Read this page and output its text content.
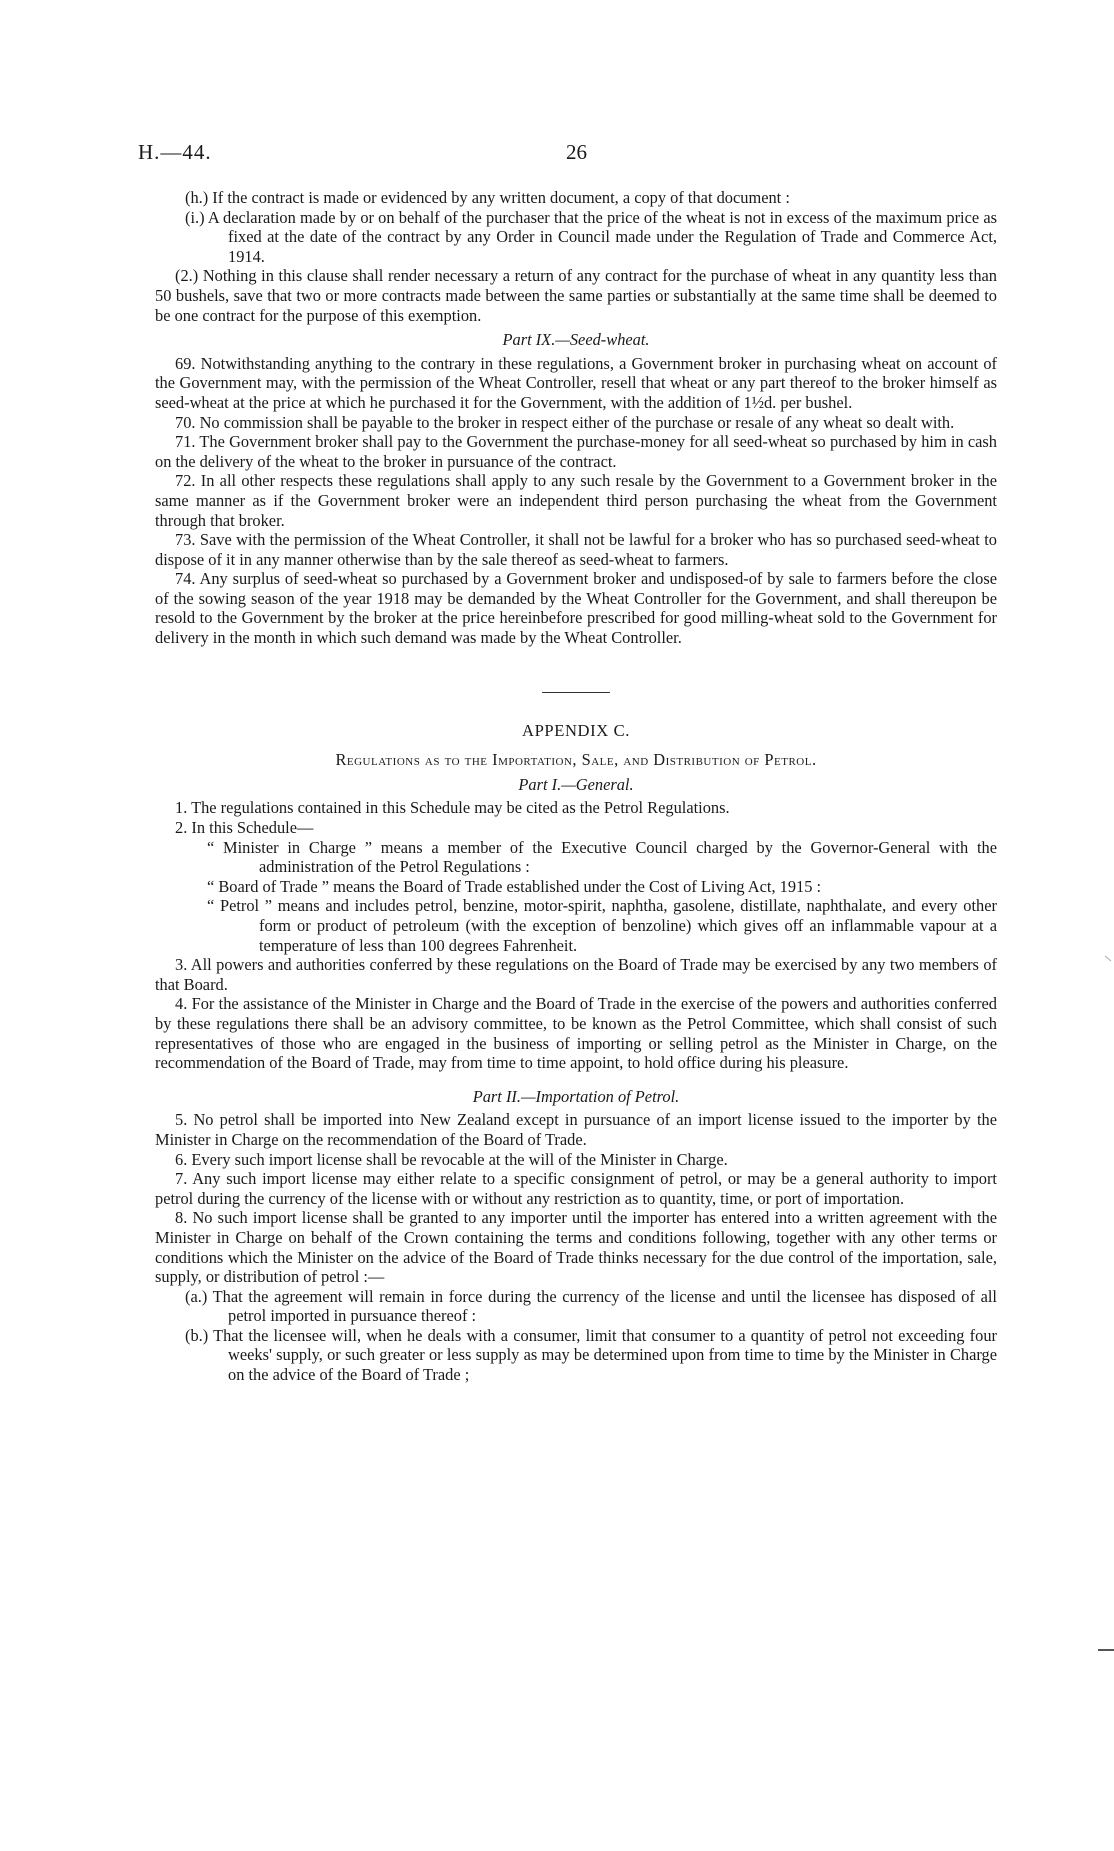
H.—44.	26

(h.) If the contract is made or evidenced by any written document, a copy of that document :

(i.) A declaration made by or on behalf of the purchaser that the price of the wheat is not in excess of the maximum price as fixed at the date of the contract by any Order in Council made under the Regulation of Trade and Commerce Act, 1914.

(2.) Nothing in this clause shall render necessary a return of any contract for the purchase of wheat in any quantity less than 50 bushels, save that two or more contracts made between the same parties or substantially at the same time shall be deemed to be one contract for the purpose of this exemption.

Part IX.—Seed-wheat.

69. Notwithstanding anything to the contrary in these regulations, a Government broker in purchasing wheat on account of the Government may, with the permission of the Wheat Controller, resell that wheat or any part thereof to the broker himself as seed-wheat at the price at which he purchased it for the Government, with the addition of 1½d. per bushel.

70. No commission shall be payable to the broker in respect either of the purchase or resale of any wheat so dealt with.

71. The Government broker shall pay to the Government the purchase-money for all seed-wheat so purchased by him in cash on the delivery of the wheat to the broker in pursuance of the contract.

72. In all other respects these regulations shall apply to any such resale by the Government to a Government broker in the same manner as if the Government broker were an independent third person purchasing the wheat from the Government through that broker.

73. Save with the permission of the Wheat Controller, it shall not be lawful for a broker who has so purchased seed-wheat to dispose of it in any manner otherwise than by the sale thereof as seed-wheat to farmers.

74. Any surplus of seed-wheat so purchased by a Government broker and undisposed-of by sale to farmers before the close of the sowing season of the year 1918 may be demanded by the Wheat Controller for the Government, and shall thereupon be resold to the Government by the broker at the price hereinbefore prescribed for good milling-wheat sold to the Government for delivery in the month in which such demand was made by the Wheat Controller.

APPENDIX C.

Regulations as to the Importation, Sale, and Distribution of Petrol.

Part I.—General.

1. The regulations contained in this Schedule may be cited as the Petrol Regulations.

2. In this Schedule—

“ Minister in Charge ” means a member of the Executive Council charged by the Governor-General with the administration of the Petrol Regulations :

“ Board of Trade ” means the Board of Trade established under the Cost of Living Act, 1915 :

“ Petrol ” means and includes petrol, benzine, motor-spirit, naphtha, gasolene, distillate, naphthalate, and every other form or product of petroleum (with the exception of benzoline) which gives off an inflammable vapour at a temperature of less than 100 degrees Fahrenheit.

3. All powers and authorities conferred by these regulations on the Board of Trade may be exercised by any two members of that Board.

4. For the assistance of the Minister in Charge and the Board of Trade in the exercise of the powers and authorities conferred by these regulations there shall be an advisory committee, to be known as the Petrol Committee, which shall consist of such representatives of those who are engaged in the business of importing or selling petrol as the Minister in Charge, on the recommendation of the Board of Trade, may from time to time appoint, to hold office during his pleasure.

Part II.—Importation of Petrol.

5. No petrol shall be imported into New Zealand except in pursuance of an import license issued to the importer by the Minister in Charge on the recommendation of the Board of Trade.

6. Every such import license shall be revocable at the will of the Minister in Charge.

7. Any such import license may either relate to a specific consignment of petrol, or may be a general authority to import petrol during the currency of the license with or without any restriction as to quantity, time, or port of importation.

8. No such import license shall be granted to any importer until the importer has entered into a written agreement with the Minister in Charge on behalf of the Crown containing the terms and conditions following, together with any other terms or conditions which the Minister on the advice of the Board of Trade thinks necessary for the due control of the importation, sale, supply, or distribution of petrol :—

(a.) That the agreement will remain in force during the currency of the license and until the licensee has disposed of all petrol imported in pursuance thereof :

(b.) That the licensee will, when he deals with a consumer, limit that consumer to a quantity of petrol not exceeding four weeks' supply, or such greater or less supply as may be determined upon from time to time by the Minister in Charge on the advice of the Board of Trade ;
